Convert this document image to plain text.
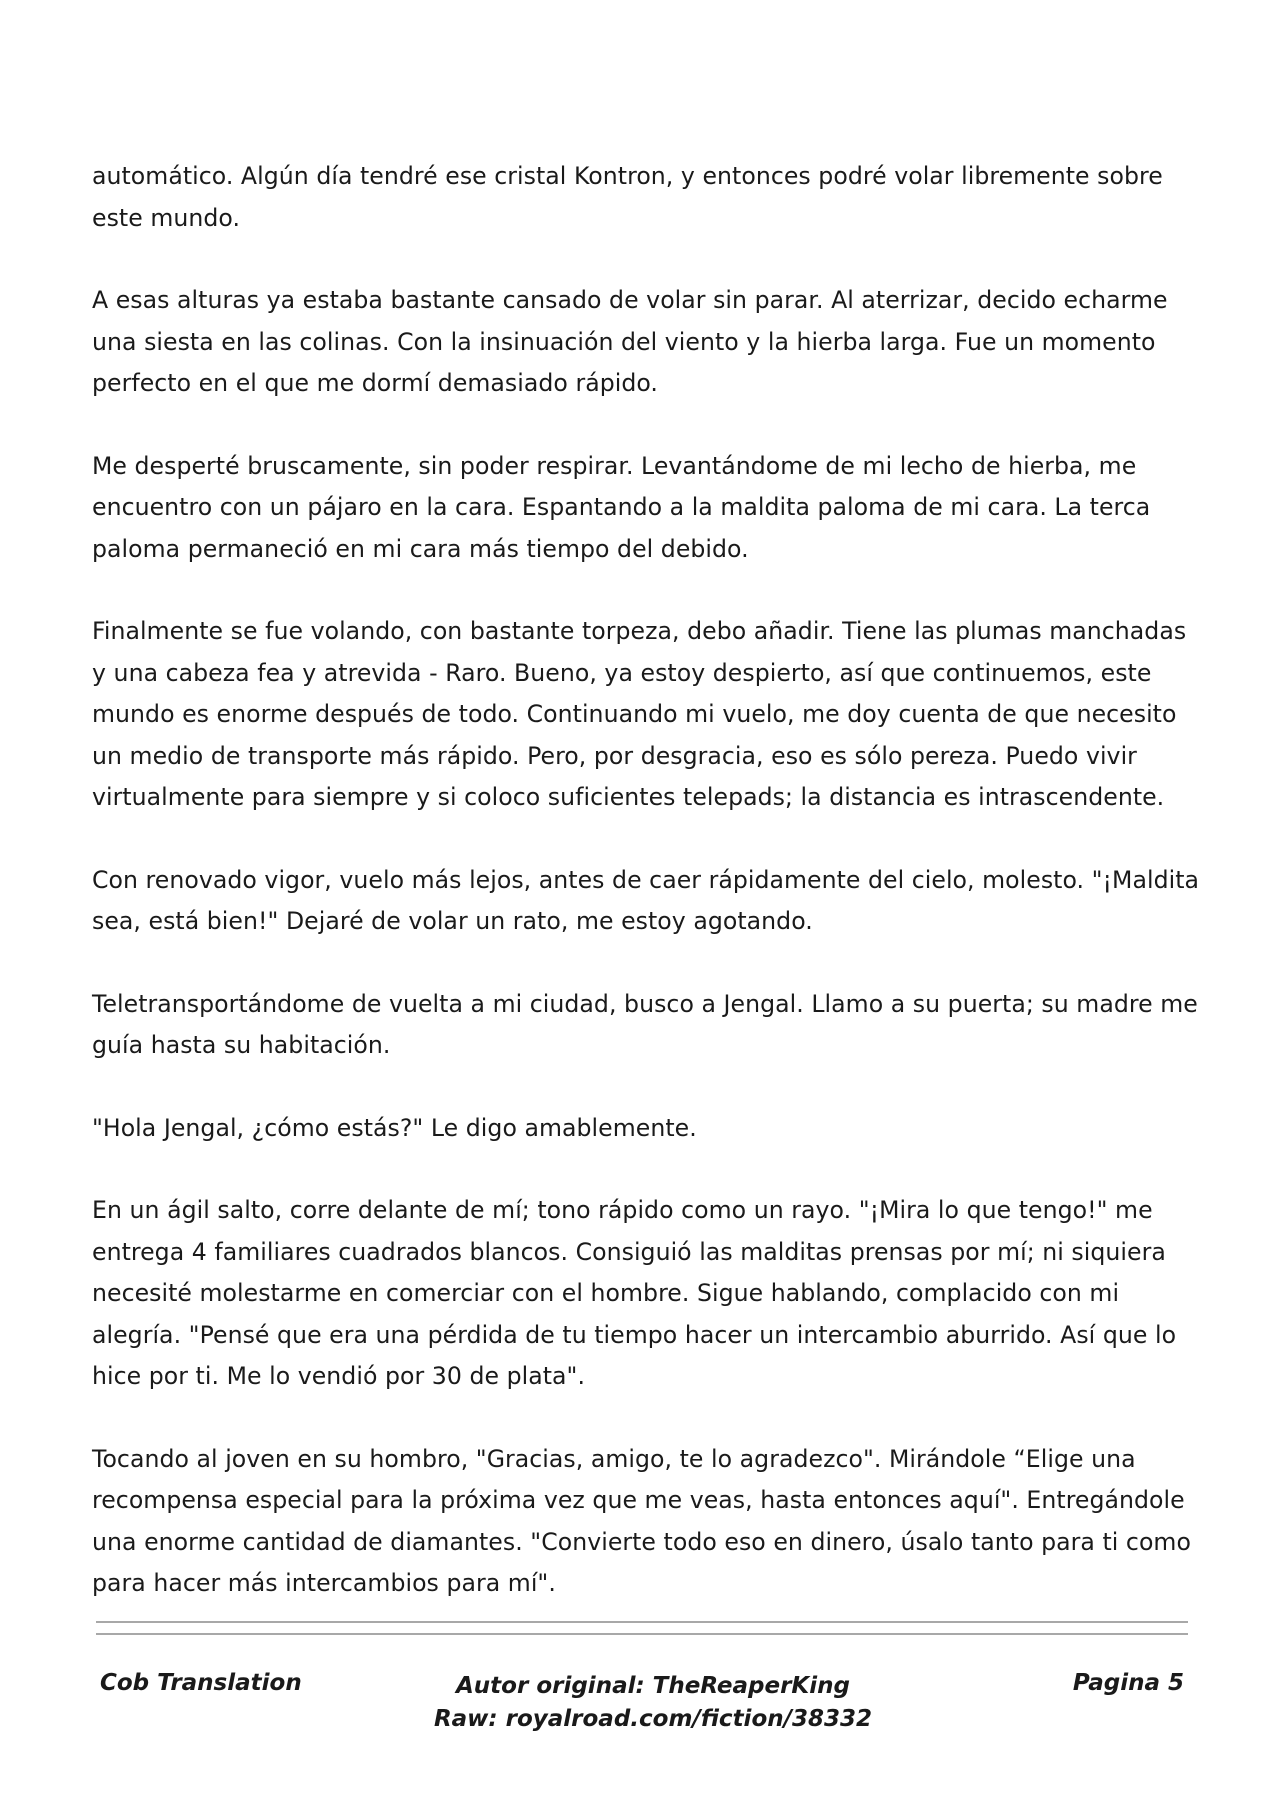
automático. Algún día tendré ese cristal Kontron, y entonces podré volar libremente sobre este mundo.

A esas alturas ya estaba bastante cansado de volar sin parar. Al aterrizar, decido echarme una siesta en las colinas. Con la insinuación del viento y la hierba larga. Fue un momento perfecto en el que me dormí demasiado rápido.

Me desperté bruscamente, sin poder respirar. Levantándome de mi lecho de hierba, me encuentro con un pájaro en la cara. Espantando a la maldita paloma de mi cara. La terca paloma permaneció en mi cara más tiempo del debido.

Finalmente se fue volando, con bastante torpeza, debo añadir. Tiene las plumas manchadas y una cabeza fea y atrevida - Raro. Bueno, ya estoy despierto, así que continuemos, este mundo es enorme después de todo. Continuando mi vuelo, me doy cuenta de que necesito un medio de transporte más rápido. Pero, por desgracia, eso es sólo pereza. Puedo vivir virtualmente para siempre y si coloco suficientes telepads; la distancia es intrascendente.

Con renovado vigor, vuelo más lejos, antes de caer rápidamente del cielo, molesto. "¡Maldita sea, está bien!" Dejaré de volar un rato, me estoy agotando.

Teletransportándome de vuelta a mi ciudad, busco a Jengal. Llamo a su puerta; su madre me guía hasta su habitación.

"Hola Jengal, ¿cómo estás?" Le digo amablemente.

En un ágil salto, corre delante de mí; tono rápido como un rayo. "¡Mira lo que tengo!" me entrega 4 familiares cuadrados blancos. Consiguió las malditas prensas por mí; ni siquiera necesité molestarme en comerciar con el hombre. Sigue hablando, complacido con mi alegría. "Pensé que era una pérdida de tu tiempo hacer un intercambio aburrido. Así que lo hice por ti. Me lo vendió por 30 de plata".

Tocando al joven en su hombro, "Gracias, amigo, te lo agradezco". Mirándole “Elige una recompensa especial para la próxima vez que me veas, hasta entonces aquí". Entregándole una enorme cantidad de diamantes. "Convierte todo eso en dinero, úsalo tanto para ti como para hacer más intercambios para mí".

Cob Translation	Autor original: TheReaperKing
Raw: royalroad.com/fiction/38332
Pagina 5
